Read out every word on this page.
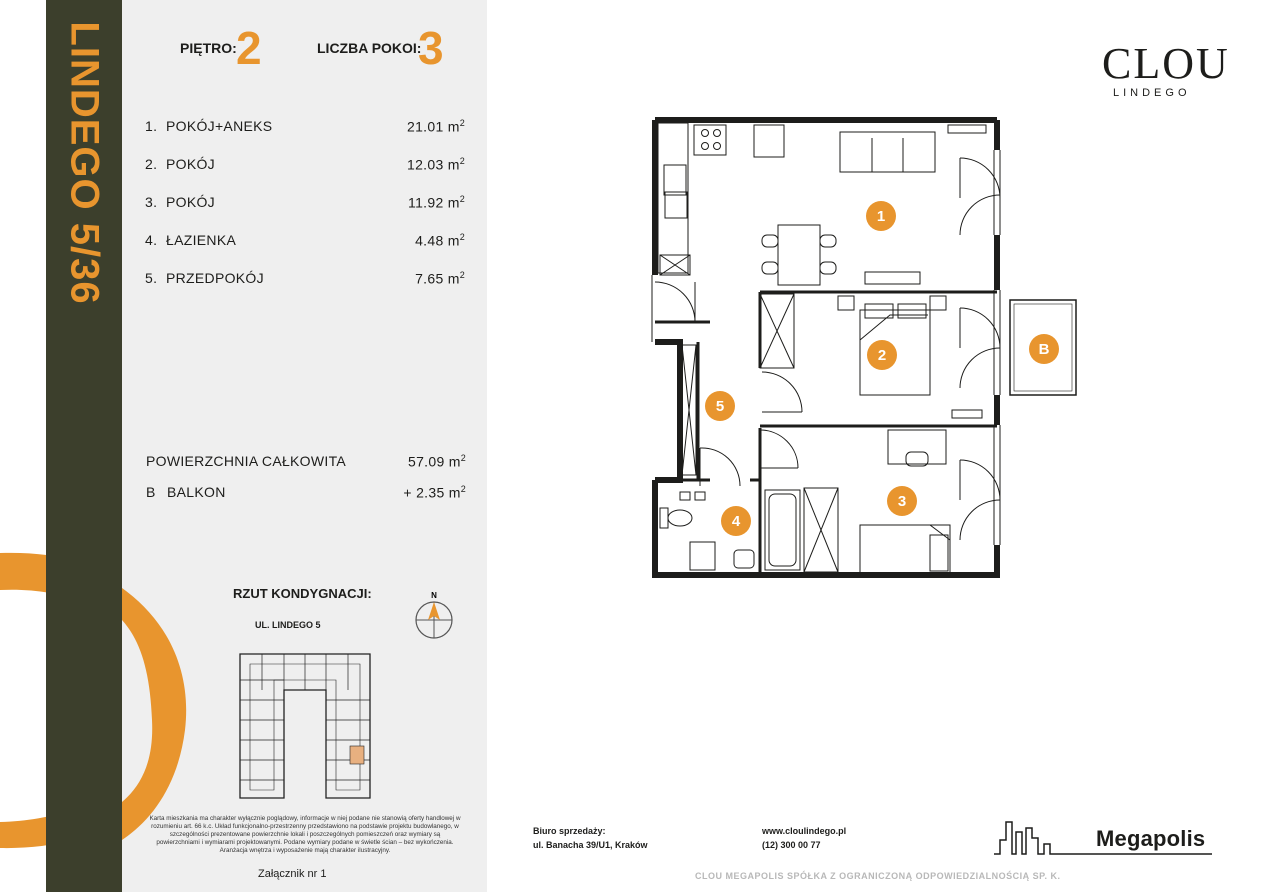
LINDEGO 5/36	PIĘTRO: 2	LICZBA POKOI:
3
1. POKÓJ+ANEKS	21.01 $m^2$
2. POKÓJ	12.03 $m^2$
3. POKÓJ	11.92 $m^2$
4. ŁAZIENKA	4.48 $m^2$
5. PRZEDPOKÓJ	7.65 $m^2$
POWIERZCHNIA CAŁKOWITA	57.09 $m^2$
B BALKON	+ 2.35 $m^2$
RZUT KONDYGNACJI:
UL. LINDEGO 5
N
Karta mieszkania ma charakter wyłącznie poglądowy, informacje w niej podane nie stanowią oferty handlowej w rozumieniu art. 66 k.c. Układ funkcjonalno-przestrzenny przedstawiono na podstawie projektu budowlanego, w szczególności prezentowane powierzchnie lokali i poszczególnych pomieszczeń oraz wymiary są powierzchniami i wymiarami projektowanymi. Podane wymiary podane w świetle ścian – bez wykończenia. Aranżacja wnętrza i wyposażenie mają charakter ilustracyjny.
Załącznik nr 1
CLOU
LINDEGO
1
2
3
4
5
B
Biuro sprzedaży:
ul. Banacha 39/U1, Kraków
www.cloulindego.pl
(12) 300 00 77	Megapolis
CLOU MEGAPOLIS SPÓŁKA Z OGRANICZONĄ ODPOWIEDZIALNOŚCIĄ SP. K.
